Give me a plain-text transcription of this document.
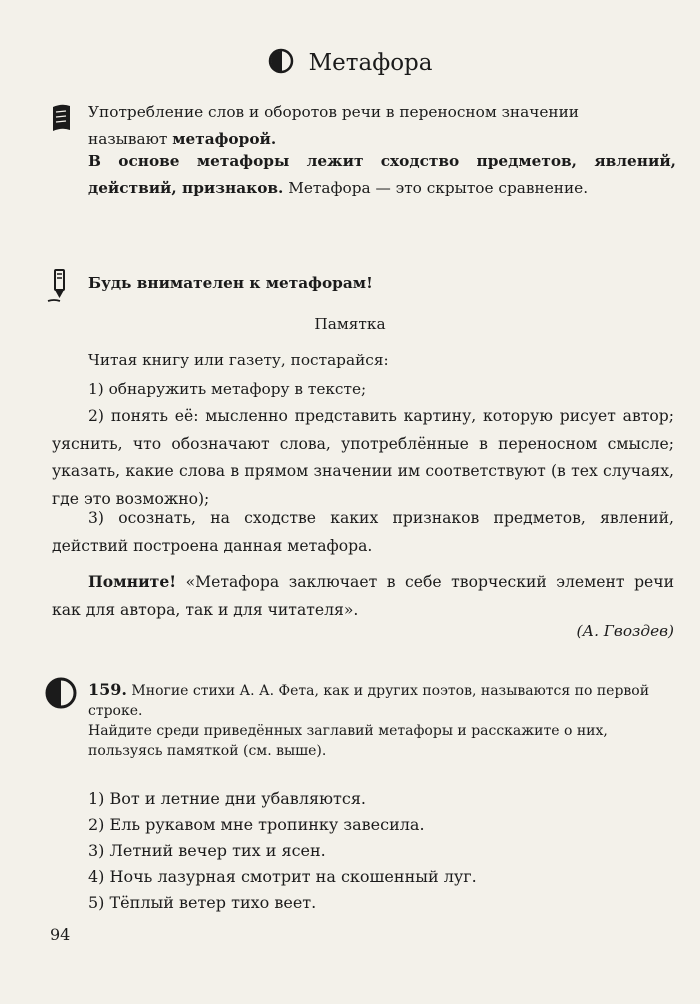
Метафора
Употребление слов и оборотов речи в переносном значении
называют метафорой.
В основе метафоры лежит сходство предметов, явлений, действий, признаков. Метафора — это скрытое сравнение.
Будь внимателен к метафорам!
Памятка
Читая книгу или газету, постарайся:
1) обнаружить метафору в тексте;
2) понять её: мысленно представить картину, которую рисует автор; уяснить, что обозначают слова, употреблённые в переносном смысле; указать, какие слова в прямом значении им соответствуют (в тех случаях, где это возможно);
3) осознать, на сходстве каких признаков предметов, явлений, действий построена данная метафора.
Помните! «Метафора заключает в себе творческий элемент речи как для автора, так и для читателя».
(А. Гвоздев)
159. Многие стихи А. А. Фета, как и других поэтов, называются по первой строке.
Найдите среди приведённых заглавий метафоры и расскажите о них, пользуясь памяткой (см. выше).
1) Вот и летние дни убавляются.
2) Ель рукавом мне тропинку завесила.
3) Летний вечер тих и ясен.
4) Ночь лазурная смотрит на скошенный луг.
5) Тёплый ветер тихо веет.
94
